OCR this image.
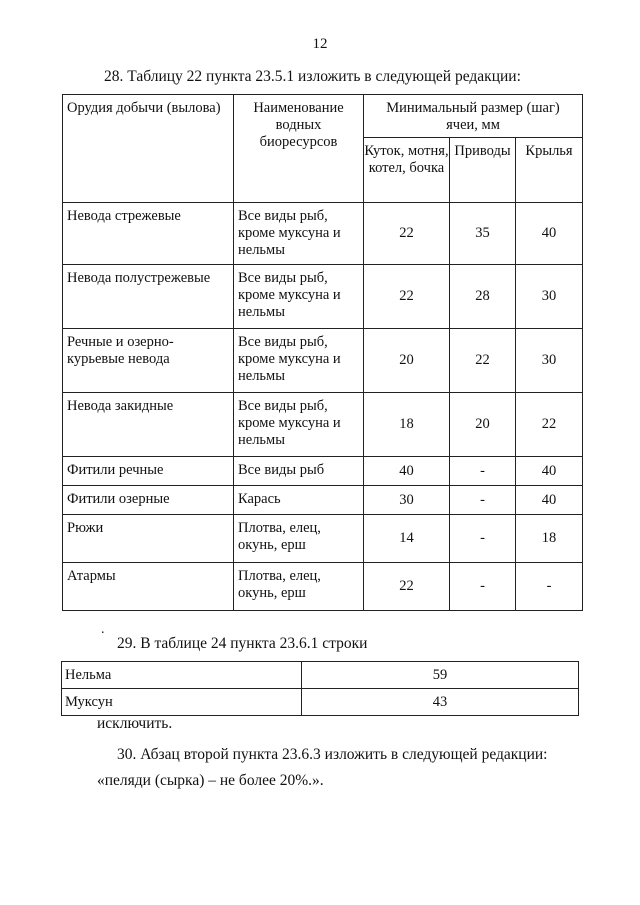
12
28. Таблицу 22 пункта 23.5.1 изложить в следующей редакции:
Орудия добычи (вылова)	Наименование водных биоресурсов	Минимальный размер (шаг) ячеи, мм		
		Куток, мотня, котел, бочка	Приводы	Крылья
Невода стрежевые	Все виды рыб, кроме муксуна и нельмы	22	35	40
Невода полустрежевые	Все виды рыб, кроме муксуна и нельмы	22	28	30
Речные и озерно-курьевые невода	Все виды рыб, кроме муксуна и нельмы	20	22	30
Невода закидные	Все виды рыб, кроме муксуна и нельмы	18	20	22
Фитили речные	Все виды рыб	40	-	40
Фитили озерные	Карась	30	-	40
Рюжи	Плотва, елец, окунь, ерш	14	-	18
Атармы	Плотва, елец, окунь, ерш	22	-	-
.
29. В таблице 24 пункта 23.6.1 строки
Нельма	59
Муксун	43
исключить.
30. Абзац второй пункта 23.6.3 изложить в следующей редакции:
«пеляди (сырка) – не более 20%.».
